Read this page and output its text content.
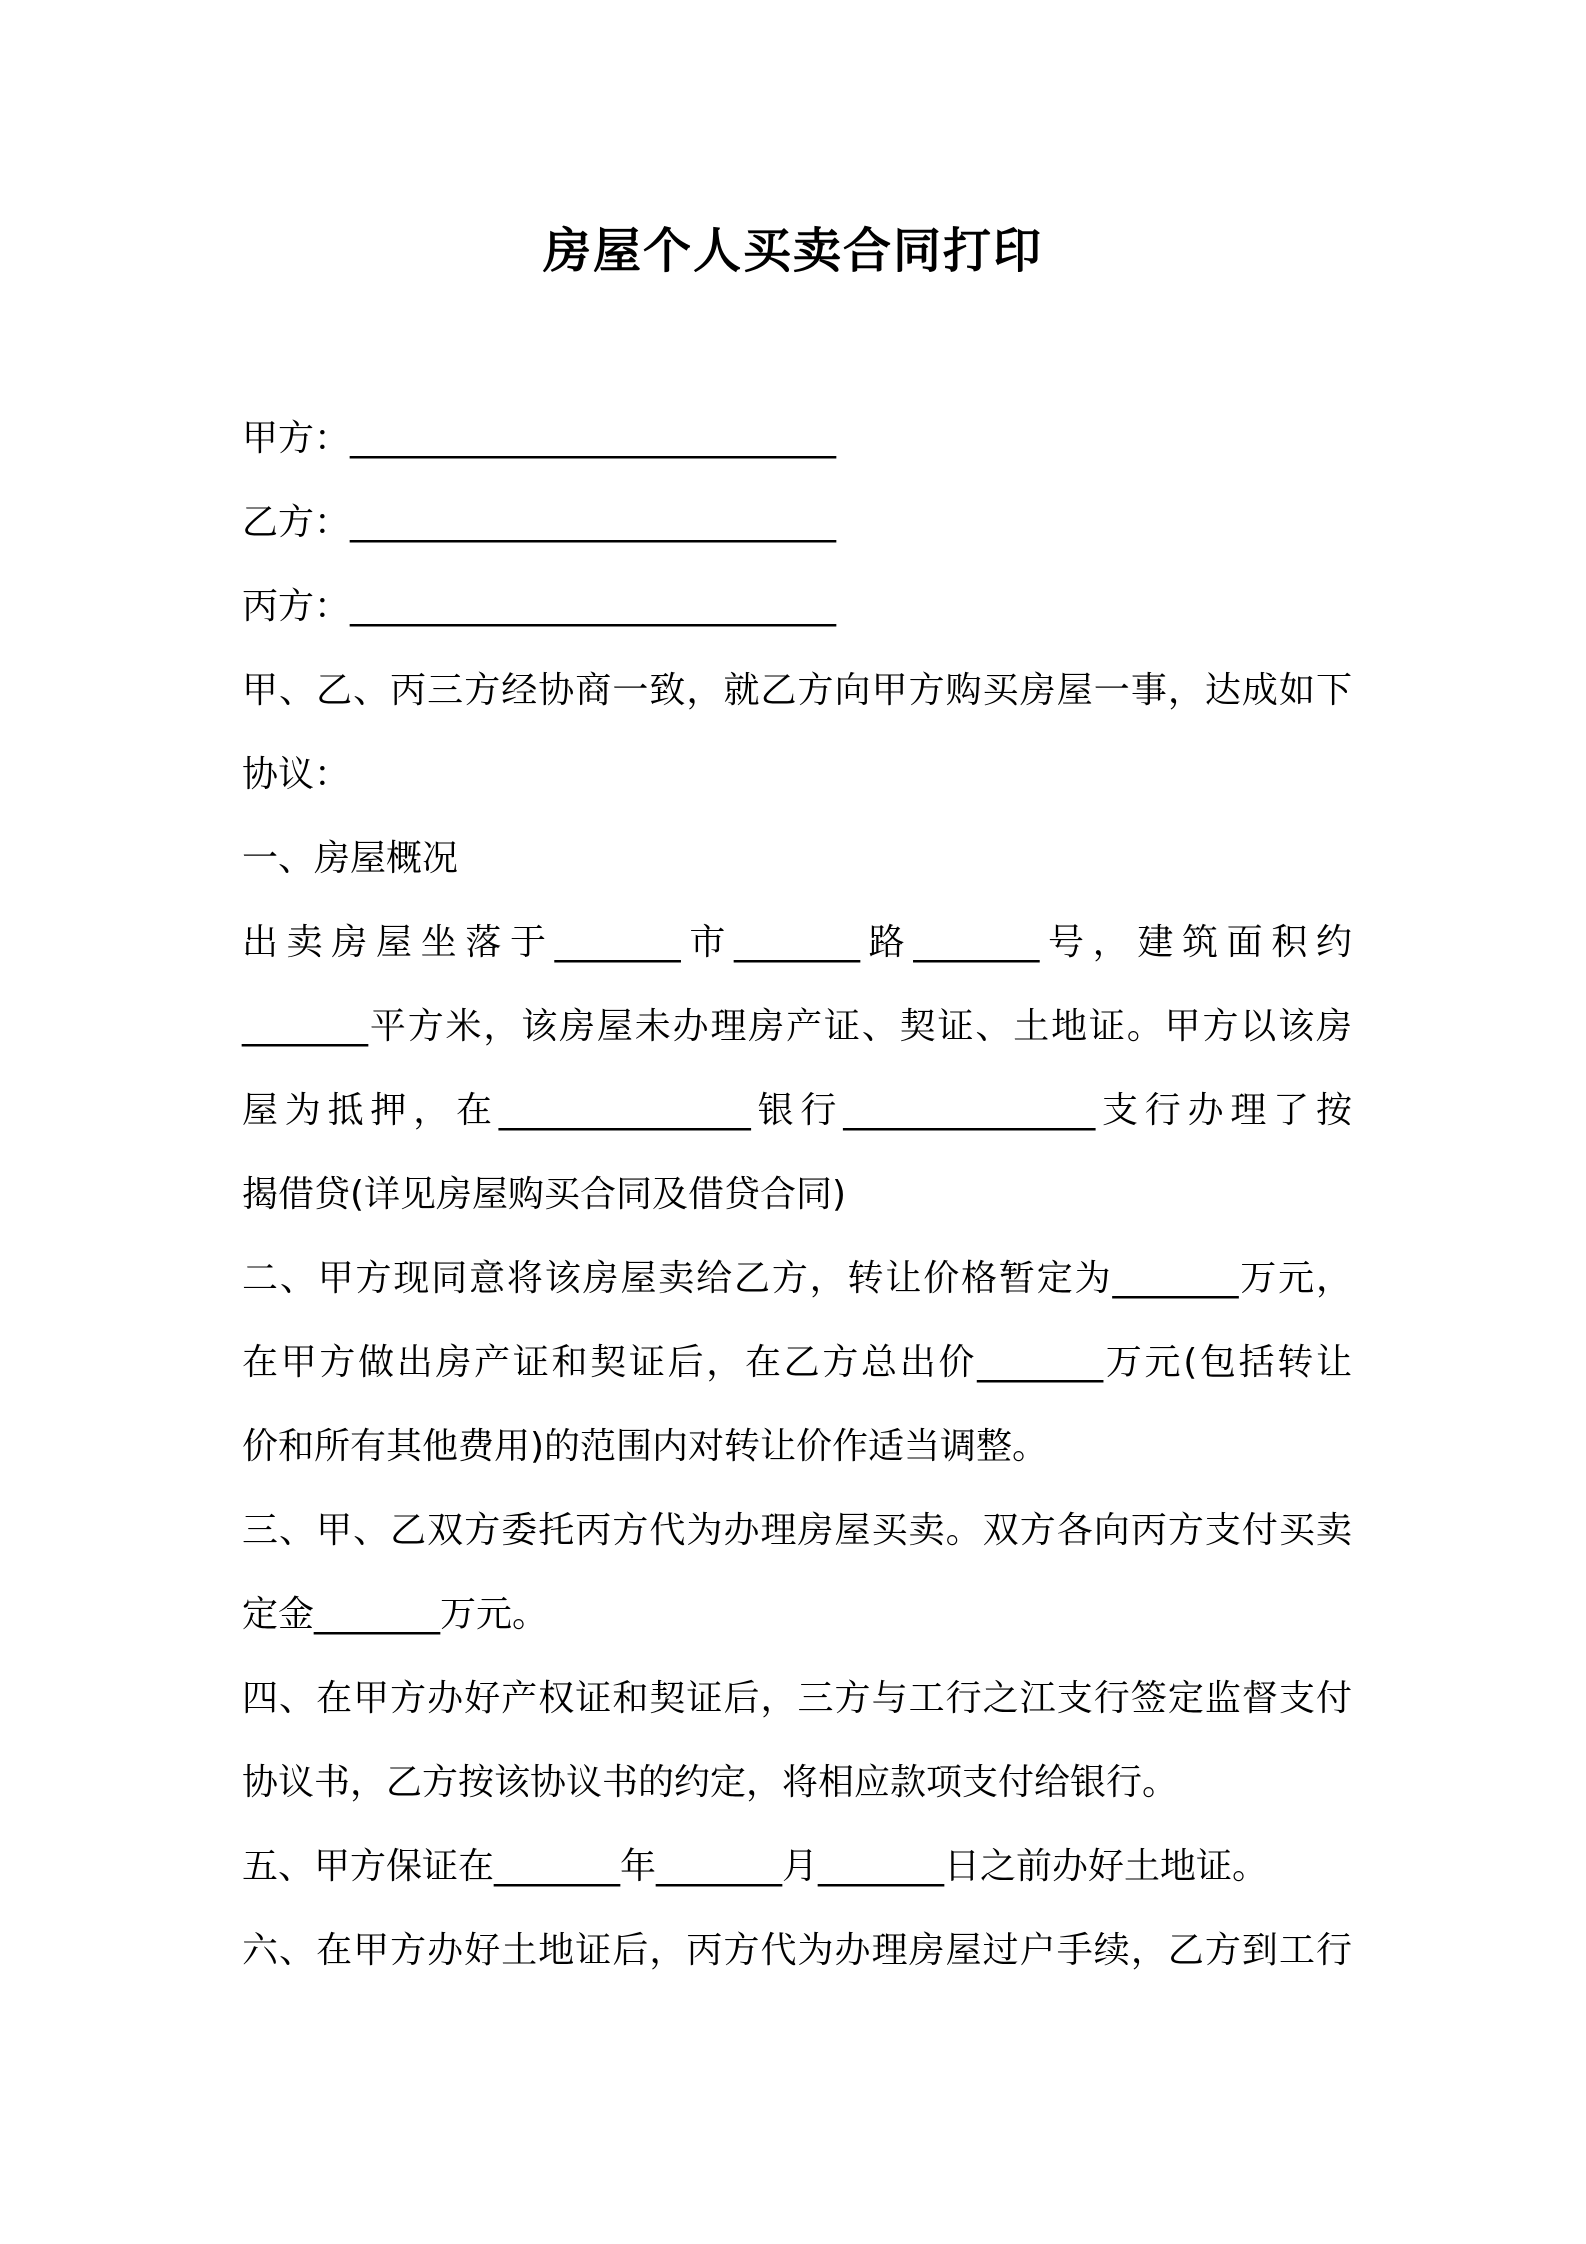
房屋个人买卖合同打印
甲方：___________________________
乙方：___________________________
丙方：___________________________
甲、乙、丙三方经协商一致，就乙方向甲方购买房屋一事，达成如下
协议：
一、房屋概况
出卖房屋坐落于_______市_______路_______号，建筑面积约
_______平方米，该房屋未办理房产证、契证、土地证。甲方以该房
屋为抵押，在______________银行______________支行办理了按
揭借贷(详见房屋购买合同及借贷合同)
二、甲方现同意将该房屋卖给乙方，转让价格暂定为_______万元，
在甲方做出房产证和契证后，在乙方总出价_______万元(包括转让
价和所有其他费用)的范围内对转让价作适当调整。
三、甲、乙双方委托丙方代为办理房屋买卖。双方各向丙方支付买卖
定金_______万元。
四、在甲方办好产权证和契证后，三方与工行之江支行签定监督支付
协议书，乙方按该协议书的约定，将相应款项支付给银行。
五、甲方保证在_______年_______月_______日之前办好土地证。
六、在甲方办好土地证后，丙方代为办理房屋过户手续，乙方到工行
